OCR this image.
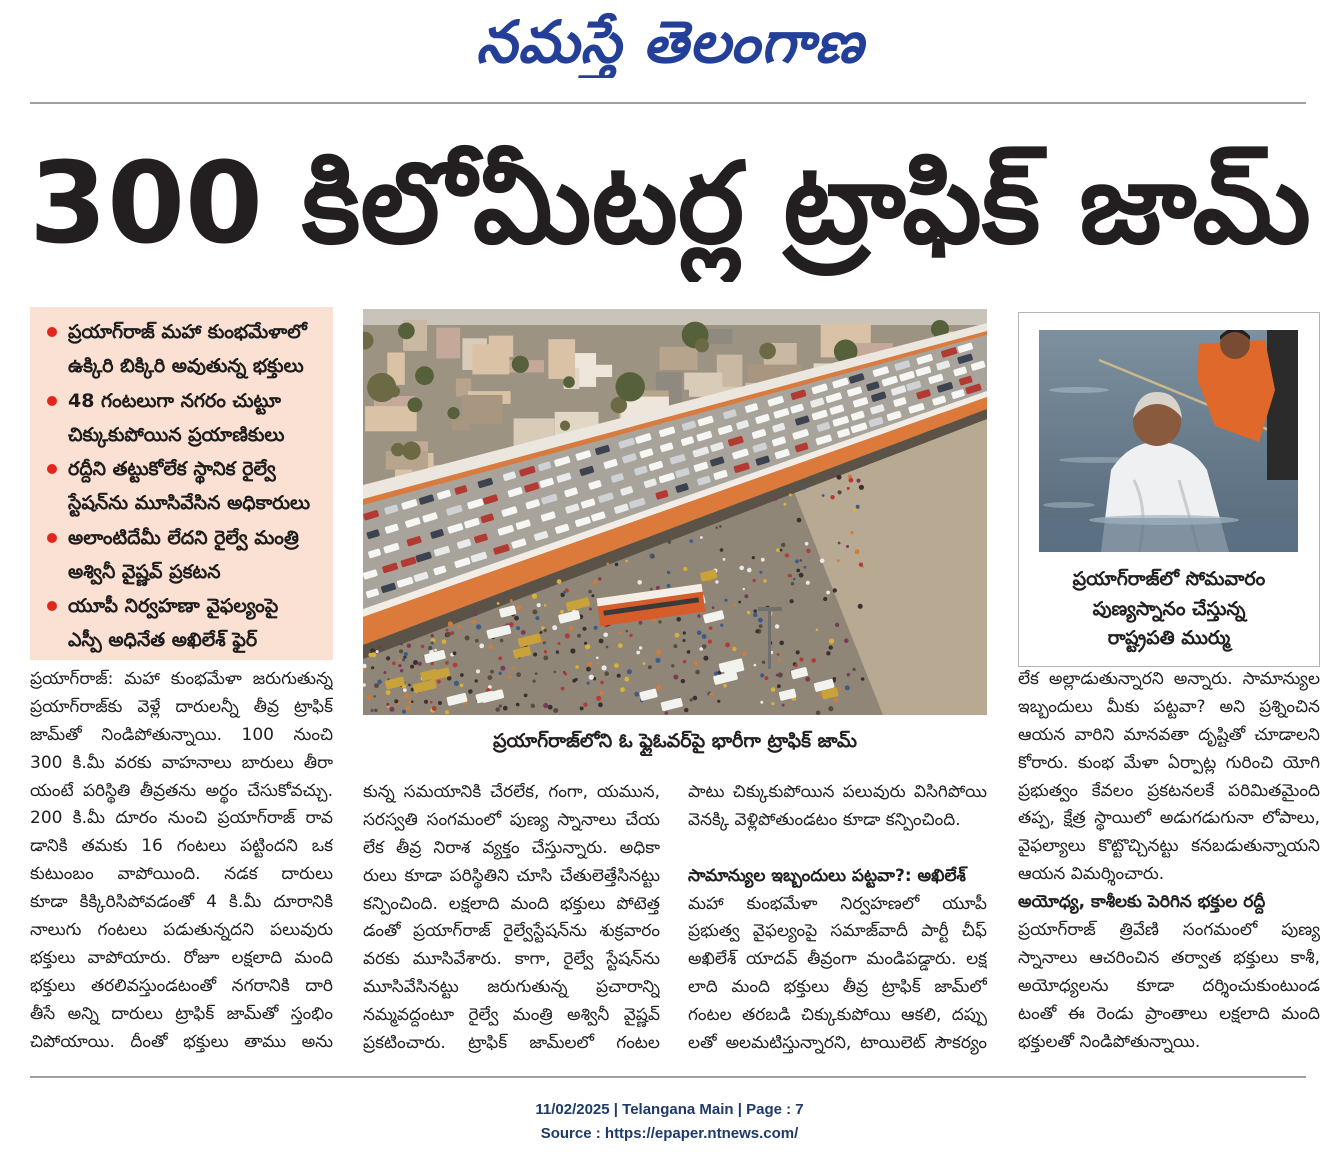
నమస్తే తెలంగాణ
300 కిలోమీటర్ల ట్రాఫిక్ జామ్
ప్రయాగ్‌రాజ్ మహా కుంభమేళాలో
ఉక్కిరి బిక్కిరి అవుతున్న భక్తులు
48 గంటలుగా నగరం చుట్టూ
చిక్కుకుపోయిన ప్రయాణికులు
రద్దీని తట్టుకోలేక స్థానిక రైల్వే
స్టేషన్‌ను మూసివేసిన అధికారులు
అలాంటిదేమీ లేదని రైల్వే మంత్రి
అశ్వినీ వైష్ణవ్ ప్రకటన
యూపీ నిర్వహణా వైఫల్యంపై
ఎస్పీ అధినేత అఖిలేశ్ ఫైర్
ప్రయాగ్‌రాజ్‌లోని ఓ ఫ్లైఓవర్‌పై భారీగా ట్రాఫిక్ జామ్
ప్రయాగ్‌రాజ్‌లో సోమవారం
పుణ్యస్నానం చేస్తున్న
రాష్ట్రపతి ముర్ము
ప్రయాగ్‌రాజ్: మహా కుంభమేళా జరుగుతున్న
ప్రయాగ్‌రాజ్‌కు వెళ్లే దారులన్నీ తీవ్ర ట్రాఫిక్
జామ్‌తో నిండిపోతున్నాయి. 100 నుంచి
300 కి.మీ వరకు వాహనాలు బారులు తీరా
యంటే పరిస్థితి తీవ్రతను అర్థం చేసుకోవచ్చు.
200 కి.మీ దూరం నుంచి ప్రయాగ్‌రాజ్ రావ
డానికి తమకు 16 గంటలు పట్టిందని ఒక
కుటుంబం వాపోయింది. నడక దారులు
కూడా కిక్కిరిసిపోవడంతో 4 కి.మీ దూరానికి
నాలుగు గంటలు పడుతున్నదని పలువురు
భక్తులు వాపోయారు. రోజూ లక్షలాది మంది
భక్తులు తరలివస్తుండటంతో నగరానికి దారి
తీసే అన్ని దారులు ట్రాఫిక్ జామ్‌తో స్తంభిం
చిపోయాయి. దీంతో భక్తులు తాము అను
కున్న సమయానికి చేరలేక, గంగా, యమున,
సరస్వతి సంగమంలో పుణ్య స్నానాలు చేయ
లేక తీవ్ర నిరాశ వ్యక్తం చేస్తున్నారు. అధికా
రులు కూడా పరిస్థితిని చూసి చేతులెత్తేసినట్టు
కన్పించింది. లక్షలాది మంది భక్తులు పోటెత్త
డంతో ప్రయాగ్‌రాజ్ రైల్వేస్టేషన్‌ను శుక్రవారం
వరకు మూసివేశారు. కాగా, రైల్వే స్టేషన్‌ను
మూసివేసినట్టు జరుగుతున్న ప్రచారాన్ని
నమ్మవద్దంటూ రైల్వే మంత్రి అశ్వినీ వైష్ణవ్
ప్రకటించారు. ట్రాఫిక్ జామ్‌లలో గంటల
పాటు చిక్కుకుపోయిన పలువురు విసిగిపోయి
వెనక్కి వెళ్లిపోతుండటం కూడా కన్పించింది.
సామాన్యుల ఇబ్బందులు పట్టవా?: అఖిలేశ్
మహా కుంభమేళా నిర్వహణలో యూపీ
ప్రభుత్వ వైఫల్యంపై సమాజ్‌వాదీ పార్టీ చీఫ్
అఖిలేశ్ యాదవ్ తీవ్రంగా మండిపడ్డారు. లక్ష
లాది మంది భక్తులు తీవ్ర ట్రాఫిక్ జామ్‌లో
గంటల తరబడి చిక్కుకుపోయి ఆకలి, దప్పు
లతో అలమటిస్తున్నారని, టాయిలెట్ సౌకర్యం
లేక అల్లాడుతున్నారని అన్నారు. సామాన్యుల
ఇబ్బందులు మీకు పట్టవా? అని ప్రశ్నించిన
ఆయన వారిని మానవతా దృష్టితో చూడాలని
కోరారు. కుంభ మేళా ఏర్పాట్ల గురించి యోగి
ప్రభుత్వం కేవలం ప్రకటనలకే పరిమితమైంది
తప్ప, క్షేత్ర స్థాయిలో అడుగడుగునా లోపాలు,
వైఫల్యాలు కొట్టొచ్చినట్టు కనబడుతున్నాయని
ఆయన విమర్శించారు.
అయోధ్య, కాశీలకు పెరిగిన భక్తుల రద్దీ
ప్రయాగ్‌రాజ్ త్రివేణి సంగమంలో పుణ్య
స్నానాలు ఆచరించిన తర్వాత భక్తులు కాశీ,
అయోధ్యలను కూడా దర్శించుకుంటుండ
టంతో ఈ రెండు ప్రాంతాలు లక్షలాది మంది
భక్తులతో నిండిపోతున్నాయి.
11/02/2025 | Telangana Main | Page : 7
Source : https://epaper.ntnews.com/
